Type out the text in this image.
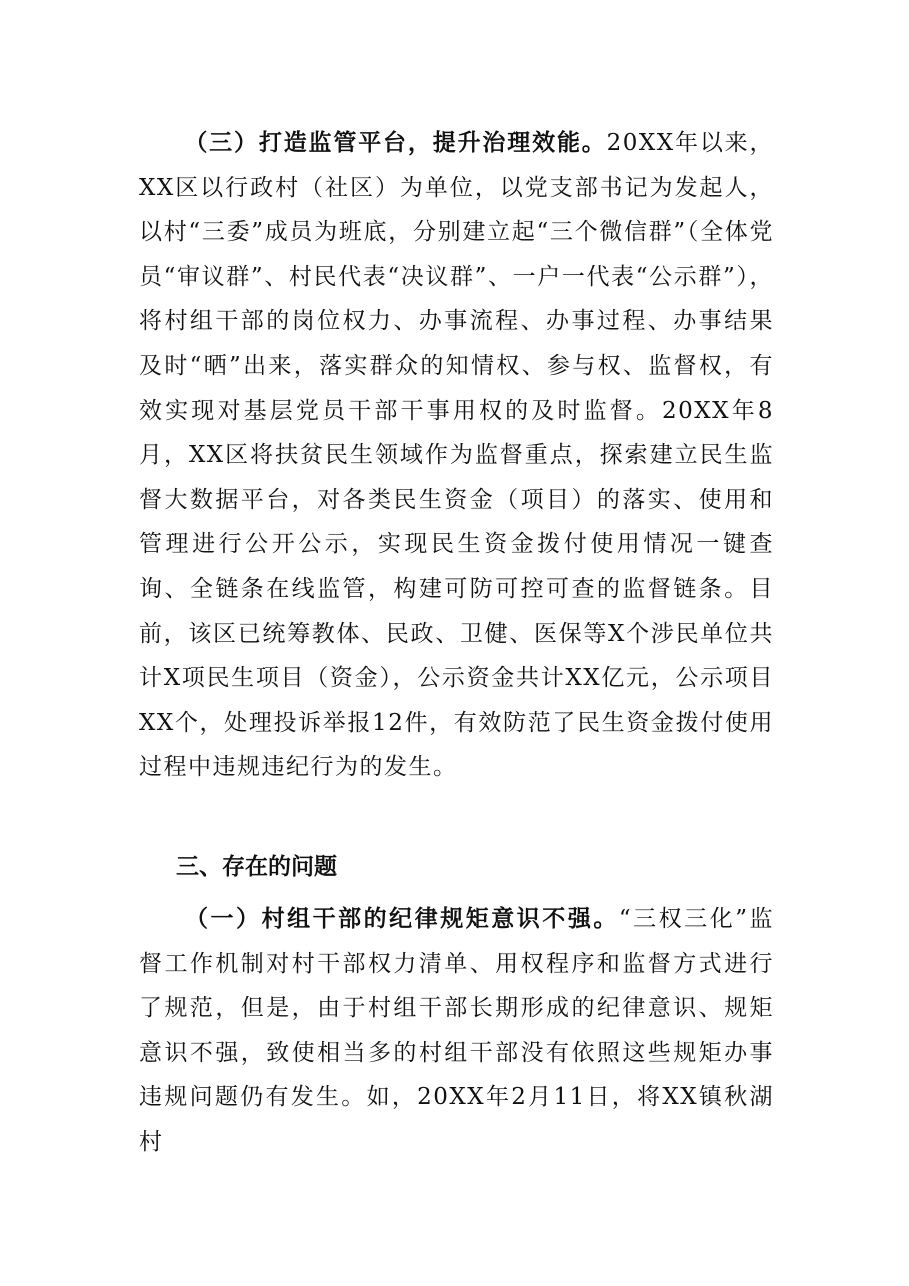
（三）打造监管平台，提升治理效能。20XX年以来，XX区以行政村（社区）为单位，以党支部书记为发起人，以村“三委”成员为班底，分别建立起“三个微信群”（全体党员“审议群”、村民代表“决议群”、一户一代表“公示群”），将村组干部的岗位权力、办事流程、办事过程、办事结果及时“晒”出来，落实群众的知情权、参与权、监督权，有效实现对基层党员干部干事用权的及时监督。20XX年8月，XX区将扶贫民生领域作为监督重点，探索建立民生监督大数据平台，对各类民生资金（项目）的落实、使用和管理进行公开公示，实现民生资金拨付使用情况一键查询、全链条在线监管，构建可防可控可查的监督链条。目前，该区已统筹教体、民政、卫健、医保等X个涉民单位共计X项民生项目（资金），公示资金共计XX亿元，公示项目XX个，处理投诉举报12件，有效防范了民生资金拨付使用过程中违规违纪行为的发生。

三、存在的问题

（一）村组干部的纪律规矩意识不强。“三权三化”监督工作机制对村干部权力清单、用权程序和监督方式进行了规范，但是，由于村组干部长期形成的纪律意识、规矩意识不强，致使相当多的村组干部没有依照这些规矩办事违规问题仍有发生。如，20XX年2月11日，将XX镇秋湖村
